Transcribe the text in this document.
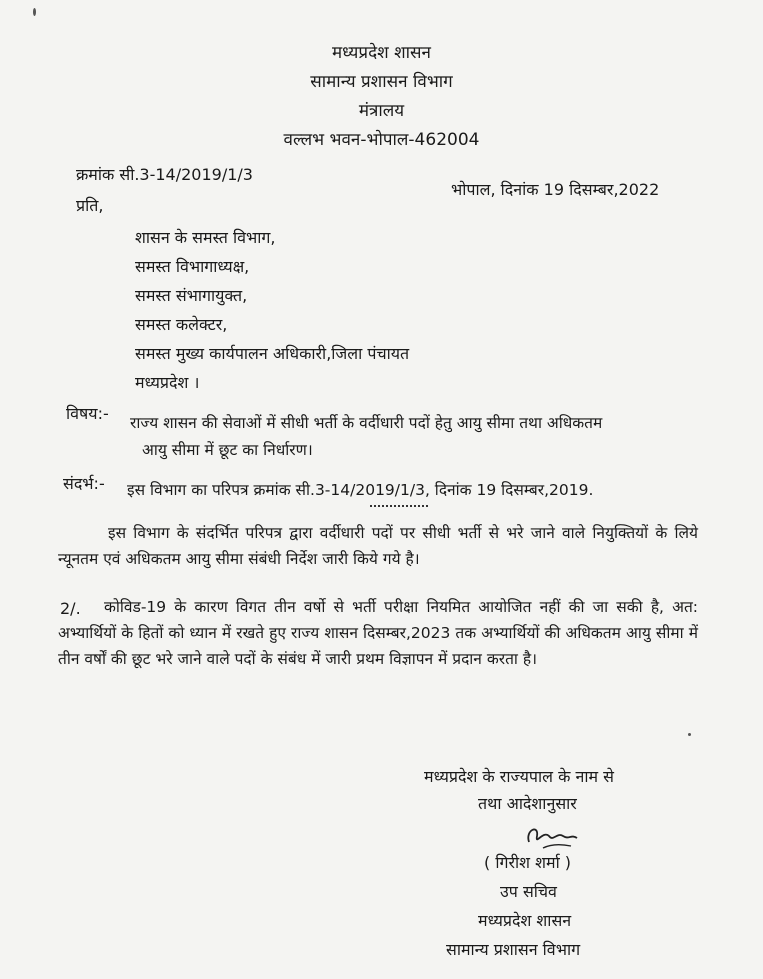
मध्यप्रदेश शासन
सामान्य प्रशासन विभाग
मंत्रालय
वल्लभ भवन-भोपाल-462004
क्रमांक सी.3-14/2019/1/3
भोपाल, दिनांक 19 दिसम्बर,2022
प्रति,
शासन के समस्त विभाग,
समस्त विभागाध्यक्ष,
समस्त संभागायुक्त,
समस्त कलेक्टर,
समस्त मुख्य कार्यपालन अधिकारी,जिला पंचायत
मध्यप्रदेश ।
विषय:- राज्य शासन की सेवाओं में सीधी भर्ती के वर्दीधारी पदों हेतु आयु सीमा तथा अधिकतम
आयु सीमा में छूट का निर्धारण।
संदर्भ:- इस विभाग का परिपत्र क्रमांक सी.3-14/2019/1/3, दिनांक 19 दिसम्बर,2019.
इस विभाग के संदर्भित परिपत्र द्वारा वर्दीधारी पदों पर सीधी भर्ती से भरे जाने वाले नियुक्तियों के लिये न्यूनतम एवं अधिकतम आयु सीमा संबंधी निर्देश जारी किये गये है।
2/.	कोविड-19 के कारण विगत तीन वर्षो से भर्ती परीक्षा नियमित आयोजित नहीं की जा सकी है, अत: अभ्यार्थियों के हितों को ध्यान में रखते हुए राज्य शासन दिसम्बर,2023 तक अभ्यार्थियों की अधिकतम आयु सीमा में तीन वर्षों की छूट भरे जाने वाले पदों के संबंध में जारी प्रथम विज्ञापन में प्रदान करता है।
मध्यप्रदेश के राज्यपाल के नाम से
तथा आदेशानुसार
( गिरीश शर्मा )
उप सचिव
मध्यप्रदेश शासन
सामान्य प्रशासन विभाग
